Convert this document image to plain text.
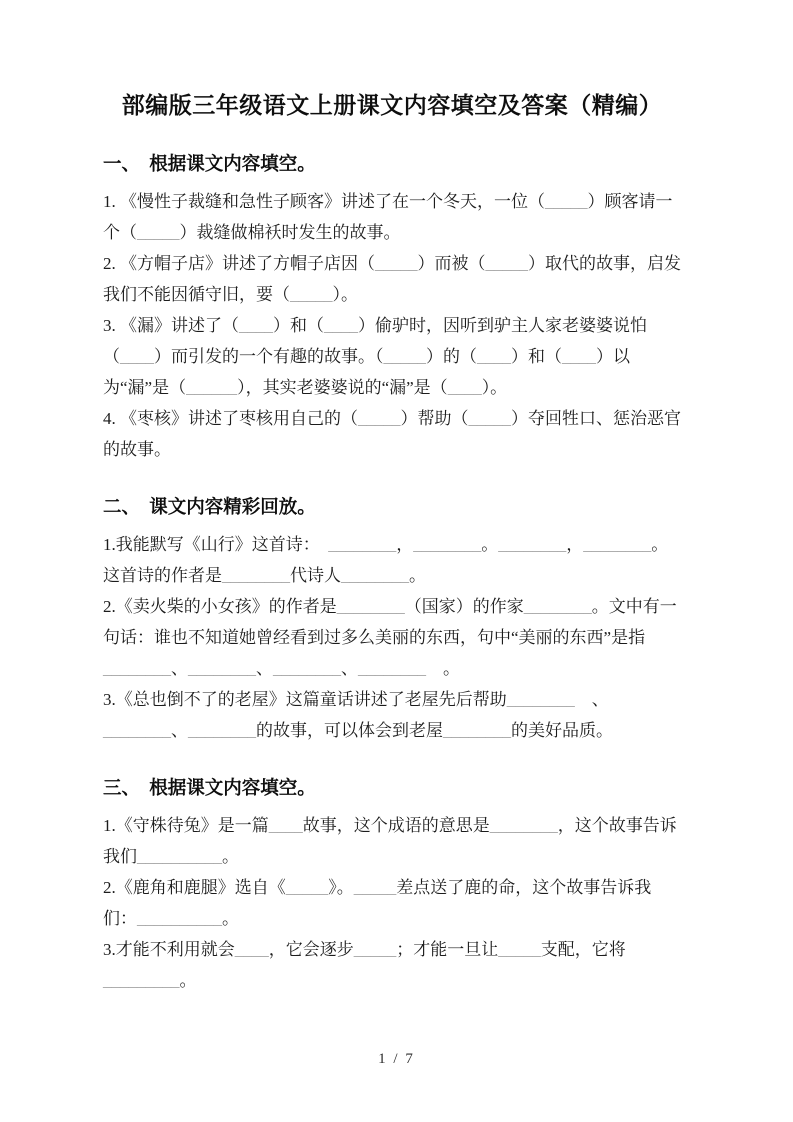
部编版三年级语文上册课文内容填空及答案（精编）
一、　根据课文内容填空。

1. 《慢性子裁缝和急性子顾客》讲述了在一个冬天，一位（_____）顾客请一个（_____）裁缝做棉袄时发生的故事。

2. 《方帽子店》讲述了方帽子店因（_____）而被（_____）取代的故事，启发我们不能因循守旧，要（_____）。

3. 《漏》讲述了（____）和（____）偷驴时，因听到驴主人家老婆婆说怕（____）而引发的一个有趣的故事。（_____）的（____）和（____）以为“漏”是（______），其实老婆婆说的“漏”是（____）。

4. 《枣核》讲述了枣核用自己的（_____）帮助（_____）夺回牲口、惩治恶官的故事。

二、　课文内容精彩回放。

1.我能默写《山行》这首诗：　________，________。________，________。这首诗的作者是________代诗人________。

2.《卖火柴的小女孩》的作者是________（国家）的作家________。文中有一句话：谁也不知道她曾经看到过多么美丽的东西，句中“美丽的东西”是指________、________、________、________　。

3.《总也倒不了的老屋》这篇童话讲述了老屋先后帮助________　、________、________的故事，可以体会到老屋________的美好品质。

三、　根据课文内容填空。

1.《守株待兔》是一篇____故事，这个成语的意思是________，这个故事告诉我们__________。

2.《鹿角和鹿腿》选自《_____》。_____差点送了鹿的命，这个故事告诉我们：__________。

3.才能不利用就会____，它会逐步_____；才能一旦让_____支配，它将_________。

1 / 7
